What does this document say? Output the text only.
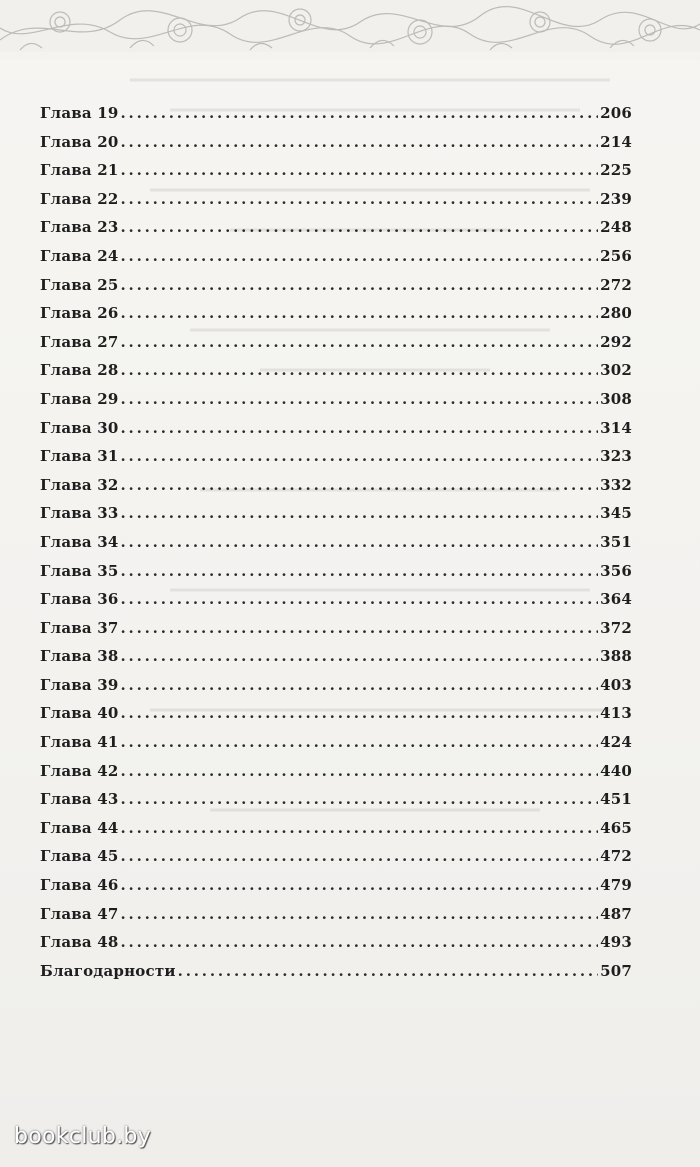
Глава 19 . . .	206
Глава 20 . . .	214
Глава 21 . . .	225
Глава 22 . . .	239
Глава 23 . . .	248
Глава 24 . . .	256
Глава 25 . . .	272
Глава 26 . . .	280
Глава 27 . . .	292
Глава 28 . . .	302
Глава 29 . . .	308
Глава 30 . . .	314
Глава 31 . . .	323
Глава 32 . . .	332
Глава 33 . . .	345
Глава 34 . . .	351
Глава 35 . . .	356
Глава 36 . . .	364
Глава 37 . . .	372
Глава 38 . . .	388
Глава 39 . . .	403
Глава 40 . . .	413
Глава 41 . . .	424
Глава 42 . . .	440
Глава 43 . . .	451
Глава 44 . . .	465
Глава 45 . . .	472
Глава 46 . . .	479
Глава 47 . . .	487
Глава 48 . . .	493
Благодарности . . .	507
bookclub.by
